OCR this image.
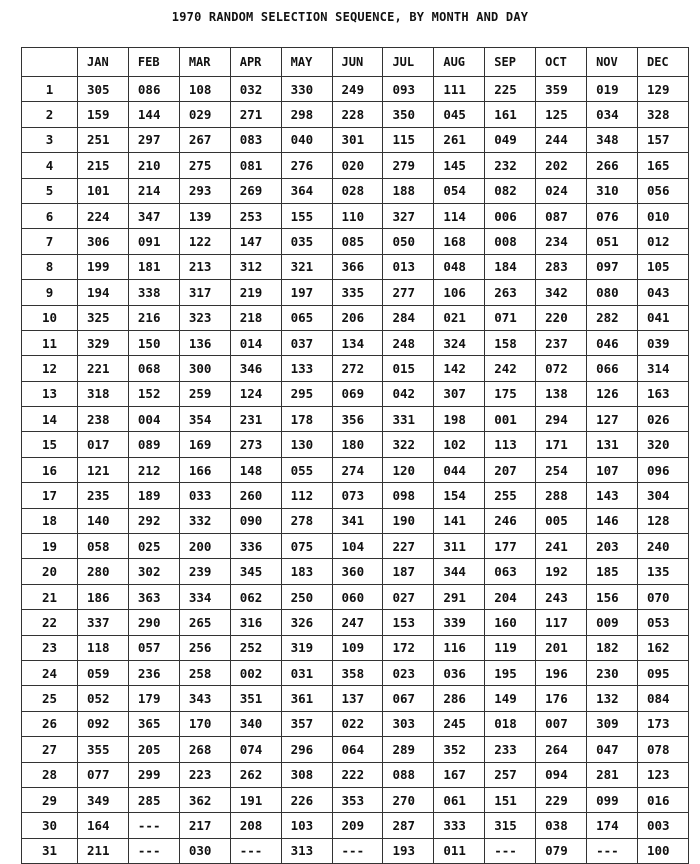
1970 RANDOM SELECTION SEQUENCE, BY MONTH AND DAY
	JAN	FEB	MAR	APR	MAY	JUN	JUL	AUG	SEP	OCT	NOV	DEC
1	305	086	108	032	330	249	093	111	225	359	019	129
2	159	144	029	271	298	228	350	045	161	125	034	328
3	251	297	267	083	040	301	115	261	049	244	348	157
4	215	210	275	081	276	020	279	145	232	202	266	165
5	101	214	293	269	364	028	188	054	082	024	310	056
6	224	347	139	253	155	110	327	114	006	087	076	010
7	306	091	122	147	035	085	050	168	008	234	051	012
8	199	181	213	312	321	366	013	048	184	283	097	105
9	194	338	317	219	197	335	277	106	263	342	080	043
10	325	216	323	218	065	206	284	021	071	220	282	041
11	329	150	136	014	037	134	248	324	158	237	046	039
12	221	068	300	346	133	272	015	142	242	072	066	314
13	318	152	259	124	295	069	042	307	175	138	126	163
14	238	004	354	231	178	356	331	198	001	294	127	026
15	017	089	169	273	130	180	322	102	113	171	131	320
16	121	212	166	148	055	274	120	044	207	254	107	096
17	235	189	033	260	112	073	098	154	255	288	143	304
18	140	292	332	090	278	341	190	141	246	005	146	128
19	058	025	200	336	075	104	227	311	177	241	203	240
20	280	302	239	345	183	360	187	344	063	192	185	135
21	186	363	334	062	250	060	027	291	204	243	156	070
22	337	290	265	316	326	247	153	339	160	117	009	053
23	118	057	256	252	319	109	172	116	119	201	182	162
24	059	236	258	002	031	358	023	036	195	196	230	095
25	052	179	343	351	361	137	067	286	149	176	132	084
26	092	365	170	340	357	022	303	245	018	007	309	173
27	355	205	268	074	296	064	289	352	233	264	047	078
28	077	299	223	262	308	222	088	167	257	094	281	123
29	349	285	362	191	226	353	270	061	151	229	099	016
30	164	---	217	208	103	209	287	333	315	038	174	003
31	211	---	030	---	313	---	193	011	---	079	---	100
